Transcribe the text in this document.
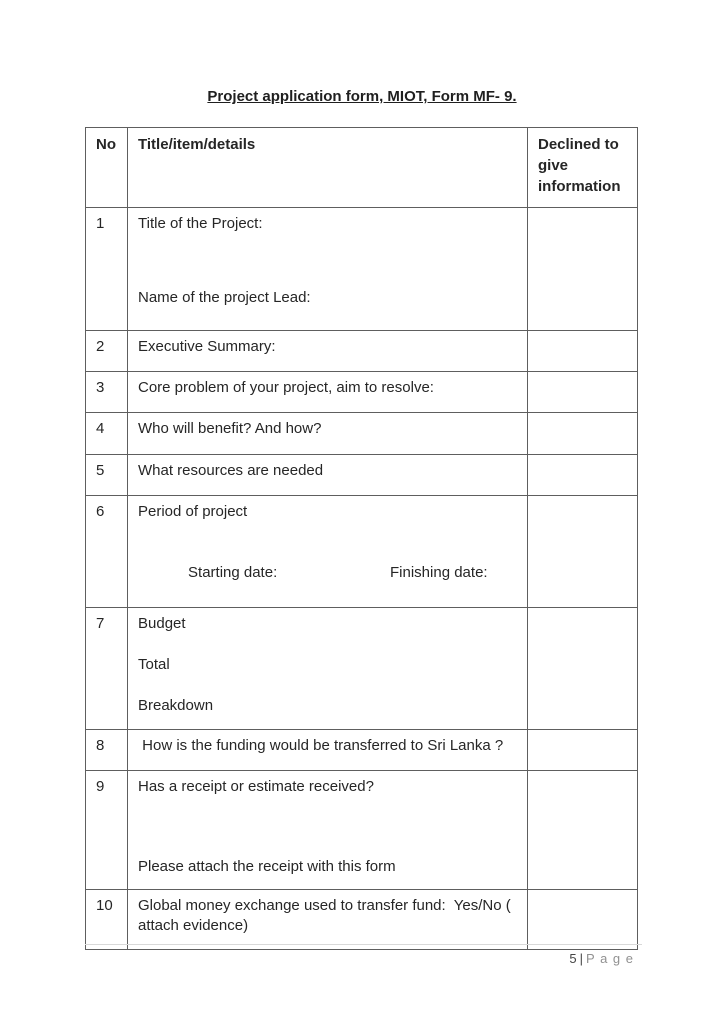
Project application form, MIOT, Form MF- 9.
No	Title/item/details	Declined to give information
1	Title of the Project:
Name of the project Lead:	

2	Executive Summary:	

3	Core problem of your project, aim to resolve:	

4	Who will benefit? And how?	

5	What resources are needed	

6	Period of project

Starting date: Finishing date:	

7	Budget
Total
Breakdown	

8	How is the funding would be transferred to Sri Lanka ?	

9	Has a receipt or estimate received?
Please attach the receipt with this form	

10	Global money exchange used to transfer fund:  Yes/No ( attach evidence)	

5 | P a g e
